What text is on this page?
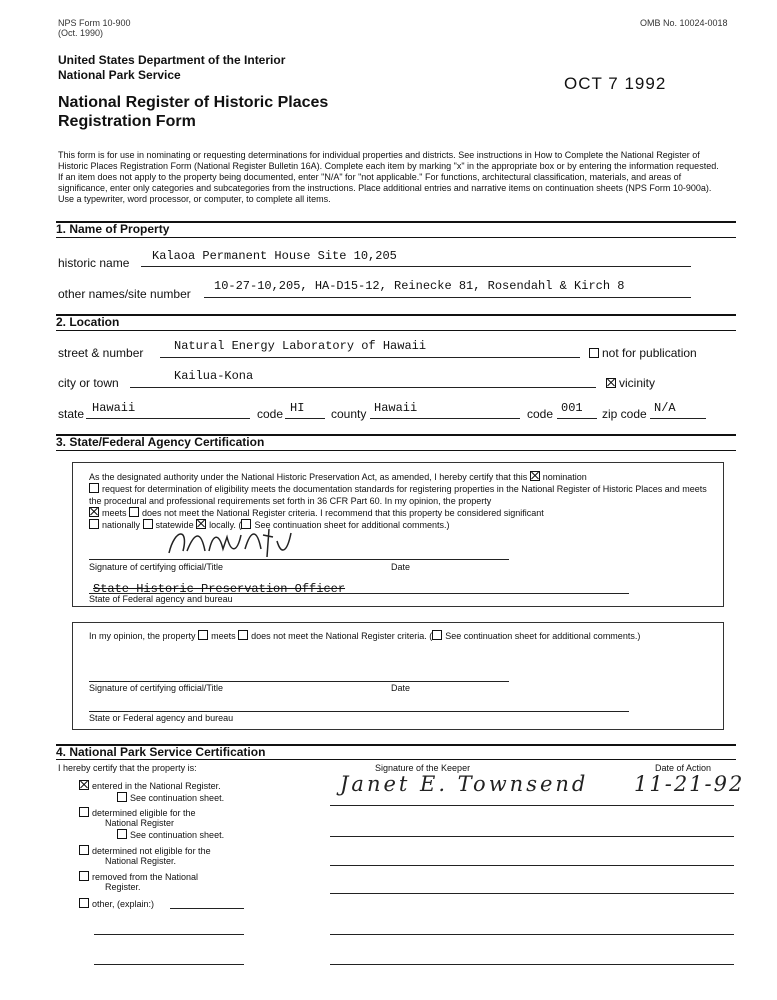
NPS Form 10-900
(Oct. 1990)
OMB No. 10024-0018
United States Department of the Interior
National Park Service	OCT 7 1992
National Register of Historic Places
Registration Form
This form is for use in nominating or requesting determinations for individual properties and districts. See instructions in How to Complete the National Register of Historic Places Registration Form (National Register Bulletin 16A). Complete each item by marking "x" in the appropriate box or by entering the information requested. If an item does not apply to the property being documented, enter "N/A" for "not applicable." For functions, architectural classification, materials, and areas of significance, enter only categories and subcategories from the instructions. Place additional entries and narrative items on continuation sheets (NPS Form 10-900a). Use a typewriter, word processor, or computer, to complete all items.
1. Name of Property
historic name Kalaoa Permanent House Site 10,205
other names/site number
10-27-10,205, HA-D15-12, Reinecke 81, Rosendahl & Kirch 8
2. Location
street & number	Natural Energy Laboratory of Hawaii	not for publication
city or town	Kailua-Kona	vicinity
state Hawaii	code HI county Hawaii	code 001 zip code N/A
3. State/Federal Agency Certification
As the designated authority under the National Historic Preservation Act, as amended, I hereby certify that this nomination
request for determination of eligibility meets the documentation standards for registering properties in the National Register of Historic Places and meets the procedural and professional requirements set forth in 36 CFR Part 60. In my opinion, the property
meets does not meet the National Register criteria. I recommend that this property be considered significant
nationally statewide locally. ( See continuation sheet for additional comments.)
Signature of certifying official/Title	Date
State Historic Preservation Officer
State of Federal agency and bureau
In my opinion, the property meets does not meet the National Register criteria. ( See continuation sheet for additional comments.)
Signature of certifying official/Title	Date
State or Federal agency and bureau
4. National Park Service Certification
I hereby certify that the property is:	Signature of the Keeper	Date of Action
entered in the National Register.
See continuation sheet.
Janet E. Townsend 11-21-92
determined eligible for the
National Register
See continuation sheet.
determined not eligible for the
National Register.
removed from the National
Register.
other, (explain:)
